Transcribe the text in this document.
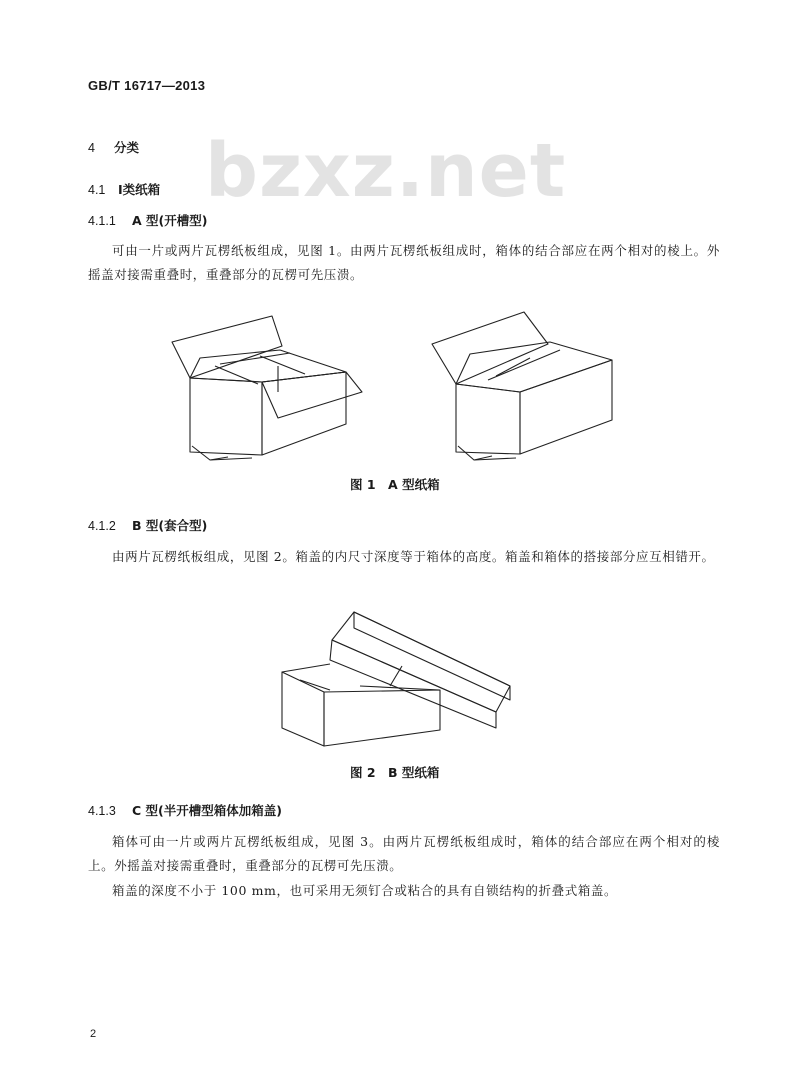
GB/T 16717—2013
bzxz.net
4 分类
4.1 Ⅰ类纸箱
4.1.1 A 型(开槽型)
可由一片或两片瓦楞纸板组成，见图 1。由两片瓦楞纸板组成时，箱体的结合部应在两个相对的棱上。外摇盖对接需重叠时，重叠部分的瓦楞可先压溃。
图 1　A 型纸箱
4.1.2 B 型(套合型)
由两片瓦楞纸板组成，见图 2。箱盖的内尺寸深度等于箱体的高度。箱盖和箱体的搭接部分应互相错开。
图 2　B 型纸箱
4.1.3 C 型(半开槽型箱体加箱盖)
箱体可由一片或两片瓦楞纸板组成，见图 3。由两片瓦楞纸板组成时，箱体的结合部应在两个相对的棱上。外摇盖对接需重叠时，重叠部分的瓦楞可先压溃。
箱盖的深度不小于 100 mm，也可采用无须钉合或粘合的具有自锁结构的折叠式箱盖。
2
